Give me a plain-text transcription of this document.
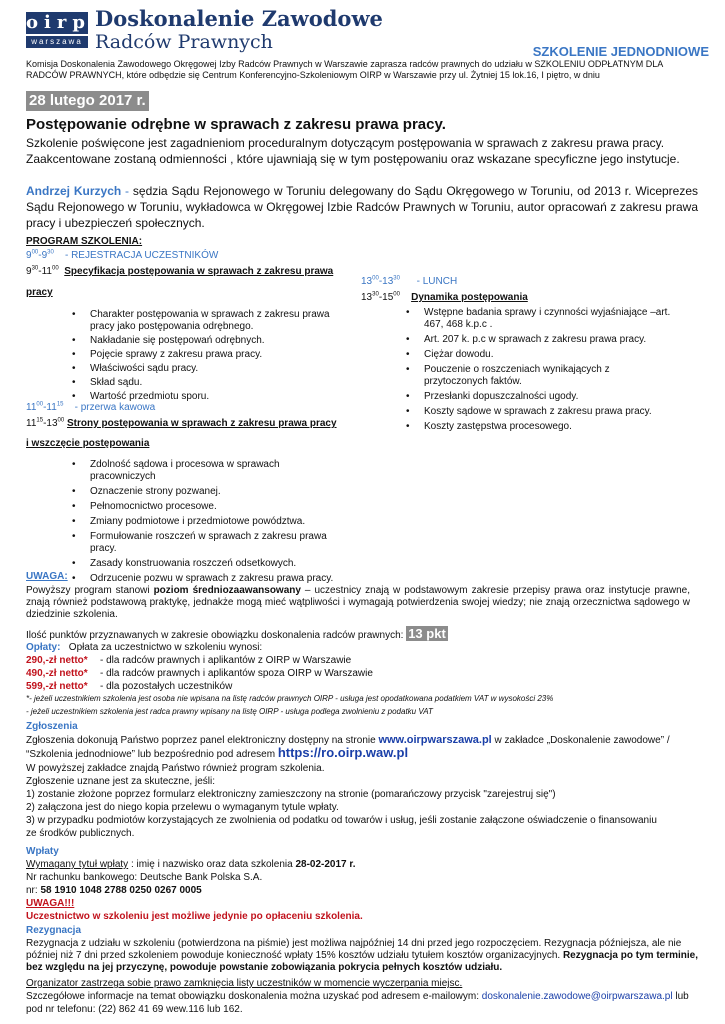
oirp
warszawa
Doskonalenie Zawodowe
Radców Prawnych	SZKOLENIE JEDNODNIOWE
Komisja Doskonalenia Zawodowego Okręgowej Izby Radców Prawnych w Warszawie zaprasza radców prawnych do udziału w SZKOLENIU ODPŁATNYM DLA RADCÓW PRAWNYCH, które odbędzie się Centrum Konferencyjno-Szkoleniowym OIRP w Warszawie przy ul. Żytniej 15 lok.16, I piętro, w dniu
28 lutego 2017 r.
Postępowanie odrębne w sprawach z zakresu prawa pracy.
Szkolenie poświęcone jest zagadnieniom proceduralnym dotyczącym postępowania w sprawach z zakresu prawa pracy. Zaakcentowane zostaną odmienności , które ujawniają się w tym postępowaniu oraz wskazane specyficzne jego instytucje.
Andrzej Kurzych - sędzia Sądu Rejonowego w Toruniu delegowany do Sądu Okręgowego w Toruniu, od 2013 r. Wiceprezes Sądu Rejonowego w Toruniu, wykładowca w Okręgowej Izbie Radców Prawnych w Toruniu, autor opracowań z zakresu prawa pracy i ubezpieczeń społecznych.
PROGRAM SZKOLENIA:
$9^{00}-9^{30}$ - REJESTRACJA UCZESTNIKÓW
$9^{30}-11^{00}$ Specyfikacja postępowania w sprawach z zakresu prawa
pracy
• Charakter postępowania w sprawach z zakresu prawa pracy jako postępowania odrębnego.
• Nakładanie się postępowań odrębnych.
• Pojęcie sprawy z zakresu prawa pracy.
• Właściwości sądu pracy.
• Skład sądu.
• Wartość przedmiotu sporu.
$11^{00}-11^{15}$ - przerwa kawowa
$11^{15}-13^{00}$ Strony postępowania w sprawach z zakresu prawa pracy
i wszczęcie postępowania
• Zdolność sądowa i procesowa w sprawach pracowniczych
• Oznaczenie strony pozwanej.
• Pełnomocnictwo procesowe.
• Zmiany podmiotowe i przedmiotowe powództwa.
• Formułowanie roszczeń w sprawach z zakresu prawa pracy.
• Zasady konstruowania roszczeń odsetkowych.
• Odrzucenie pozwu w sprawach z zakresu prawa pracy.
$13^{00}-13^{30}$ - LUNCH
$13^{30}-15^{00}$ Dynamika postępowania
• Wstępne badania sprawy i czynności wyjaśniające –art. 467, 468 k.p.c .
• Art. 207 k. p.c w sprawach z zakresu prawa pracy.
• Ciężar dowodu.
• Pouczenie o roszczeniach wynikających z przytoczonych faktów.
• Przesłanki dopuszczalności ugody.
• Koszty sądowe w sprawach z zakresu prawa pracy.
• Koszty zastępstwa procesowego.
UWAGA:
Powyższy program stanowi poziom średniozaawansowany – uczestnicy znają w podstawowym zakresie przepisy prawa oraz instytucje prawne, znają również podstawową praktykę, jednakże mogą mieć wątpliwości i wymagają potwierdzenia swojej wiedzy; nie znają orzecznictwa sądowego w dziedzinie szkolenia.
Ilość punktów przyznawanych w zakresie obowiązku doskonalenia radców prawnych: 13 pkt
Opłaty: Opłata za uczestnictwo w szkoleniu wynosi:
290,-zł netto* - dla radców prawnych i aplikantów z OIRP w Warszawie
490,-zł netto* - dla radców prawnych i aplikantów spoza OIRP w Warszawie
599,-zł netto* - dla pozostałych uczestników
*- jeżeli uczestnikiem szkolenia jest osoba nie wpisana na listę radców prawnych OIRP - usługa jest opodatkowana podatkiem VAT w wysokości 23%
- jeżeli uczestnikiem szkolenia jest radca prawny wpisany na listę OIRP - usługa podlega zwolnieniu z podatku VAT
Zgłoszenia
Zgłoszenia dokonują Państwo poprzez panel elektroniczny dostępny na stronie www.oirpwarszawa.pl w zakładce „Doskonalenie zawodowe” /
“Szkolenia jednodniowe” lub bezpośrednio pod adresem https://ro.oirp.waw.pl
W powyższej zakładce znajdą Państwo również program szkolenia.
Zgłoszenie uznane jest za skuteczne, jeśli:
1) zostanie złożone poprzez formularz elektroniczny zamieszczony na stronie (pomarańczowy przycisk "zarejestruj się")
2) załączona jest do niego kopia przelewu o wymaganym tytule wpłaty.
3) w przypadku podmiotów korzystających ze zwolnienia od podatku od towarów i usług, jeśli zostanie załączone oświadczenie o finansowaniu
ze środków publicznych.
Wpłaty
Wymagany tytuł wpłaty : imię i nazwisko oraz data szkolenia 28-02-2017 r.
Nr rachunku bankowego: Deutsche Bank Polska S.A.
nr: 58 1910 1048 2788 0250 0267 0005
UWAGA!!!
Uczestnictwo w szkoleniu jest możliwe jedynie po opłaceniu szkolenia.
Rezygnacja
Rezygnacja z udziału w szkoleniu (potwierdzona na piśmie) jest możliwa najpóźniej 14 dni przed jego rozpoczęciem. Rezygnacja późniejsza, ale nie później niż 7 dni przed szkoleniem powoduje konieczność wpłaty 15% kosztów udziału tytułem kosztów organizacyjnych. Rezygnacja po tym terminie, bez względu na jej przyczynę, powoduje powstanie zobowiązania pokrycia pełnych kosztów udziału.
Organizator zastrzega sobie prawo zamknięcia listy uczestników w momencie wyczerpania miejsc.
Szczegółowe informacje na temat obowiązku doskonalenia można uzyskać pod adresem e-mailowym: doskonalenie.zawodowe@oirpwarszawa.pl lub
pod nr telefonu: (22) 862 41 69 wew.116 lub 162.
